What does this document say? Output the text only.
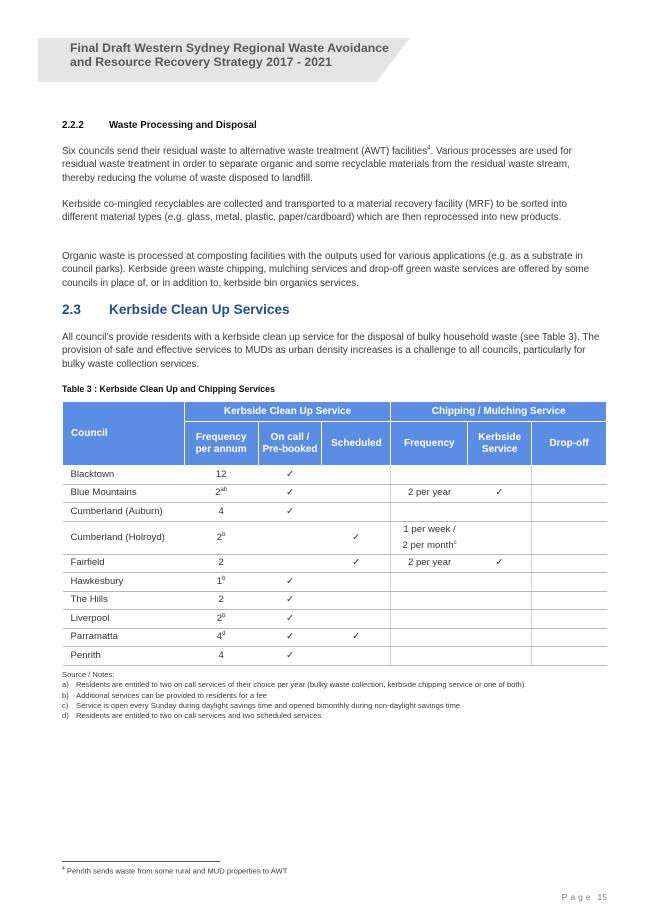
Final Draft Western Sydney Regional Waste Avoidance
and Resource Recovery Strategy 2017 - 2021
2.2.2	Waste Processing and Disposal

Six councils send their residual waste to alternative waste treatment (AWT) facilities$^4$. Various processes are used for residual waste treatment in order to separate organic and some recyclable materials from the residual waste stream, thereby reducing the volume of waste disposed to landfill.

Kerbside co-mingled recyclables are collected and transported to a material recovery facility (MRF) to be sorted into different material types (e.g. glass, metal, plastic, paper/cardboard) which are then reprocessed into new products.

Organic waste is processed at composting facilities with the outputs used for various applications (e.g. as a substrate in council parks). Kerbside green waste chipping, mulching services and drop-off green waste services are offered by some councils in place of, or in addition to, kerbside bin organics services.

2.3 Kerbside Clean Up Services

All council’s provide residents with a kerbside clean up service for the disposal of bulky household waste (see Table 3). The provision of safe and effective services to MUDs as urban density increases is a challenge to all councils, particularly for bulky waste collection services.

Table 3 : Kerbside Clean Up and Chipping Services
Council	Kerbside Clean Up Service			Chipping / Mulching Service		
	Frequency per annum	On call / Pre-booked	Scheduled	Frequency	Kerbside Service	Drop-off
Blacktown	12	✓		

Blue Mountains	$2^{ab}$	✓		2 per year	✓	
Cumberland (Auburn)	4	✓		

Cumberland (Holroyd)	2$^b$		✓	1 per week /
2 per month$^c$

Fairfield	2		✓	2 per year	✓	
Hawkesbury	1$^b$	✓		

The Hills	2	✓		

Liverpool	2$^b$	✓		

Parramatta	4$^d$	✓	✓	

Penrith	4	✓		

Source / Notes:
a) Residents are entitled to two on call services of their choice per year (bulky waste collection, kerbside chipping service or one of both)
b) Additional services can be provided to residents for a fee
c)	Service is open every Sunday during daylight savings time and opened bimonthly during non-daylight savings time
d) Residents are entitled to two on call services and two scheduled services
$^4$ Penrith sends waste from some rural and MUD properties to AWT
Page 15
